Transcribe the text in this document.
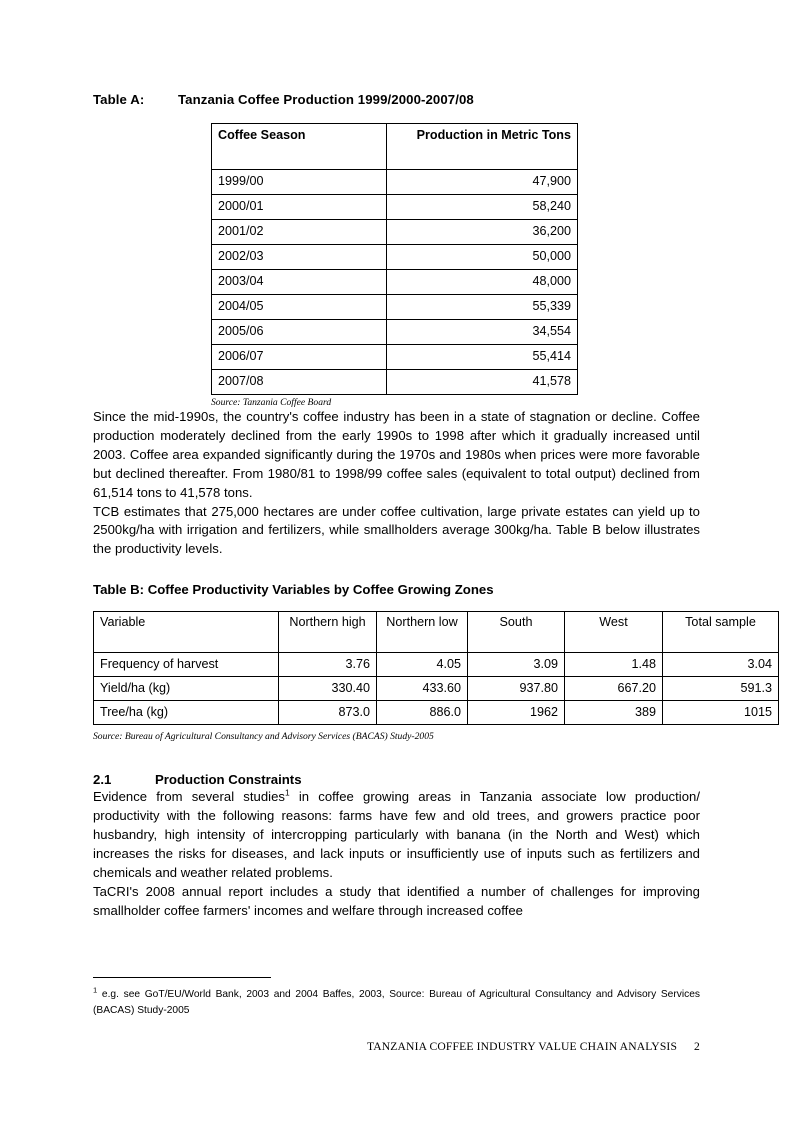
Table A:	Tanzania Coffee Production 1999/2000-2007/08
Coffee Season	Production in Metric Tons
1999/00	47,900
2000/01	58,240
2001/02	36,200
2002/03	50,000
2003/04	48,000
2004/05	55,339
2005/06	34,554
2006/07	55,414
2007/08	41,578
Source: Tanzania Coffee Board

Since the mid-1990s, the country's coffee industry has been in a state of stagnation or decline. Coffee production moderately declined from the early 1990s to 1998 after which it gradually increased until 2003. Coffee area expanded significantly during the 1970s and 1980s when prices were more favorable but declined thereafter. From 1980/81 to 1998/99 coffee sales (equivalent to total output) declined from 61,514 tons to 41,578 tons.

TCB estimates that 275,000 hectares are under coffee cultivation, large private estates can yield up to 2500kg/ha with irrigation and fertilizers, while smallholders average 300kg/ha. Table B below illustrates the productivity levels.

Table B: Coffee Productivity Variables by Coffee Growing Zones
Variable	Northern high	Northern low	South	West	Total sample
Frequency of harvest	3.76	4.05	3.09	1.48	3.04
Yield/ha (kg)	330.40	433.60	937.80	667.20	591.3
Tree/ha (kg)	873.0	886.0	1962	389	1015
Source: Bureau of Agricultural Consultancy and Advisory Services (BACAS) Study-2005
2.1	Production Constraints

Evidence from several studies$^1$ in coffee growing areas in Tanzania associate low production/ productivity with the following reasons: farms have few and old trees, and growers practice poor husbandry, high intensity of intercropping particularly with banana (in the North and West) which increases the risks for diseases, and lack inputs or insufficiently use of inputs such as fertilizers and chemicals and weather related problems.

TaCRI's 2008 annual report includes a study that identified a number of challenges for improving smallholder coffee farmers' incomes and welfare through increased coffee

$^1$ e.g. see GoT/EU/World Bank, 2003 and 2004 Baffes, 2003, Source: Bureau of Agricultural Consultancy and Advisory Services (BACAS) Study-2005

TANZANIA COFFEE INDUSTRY VALUE CHAIN ANALYSIS 2
